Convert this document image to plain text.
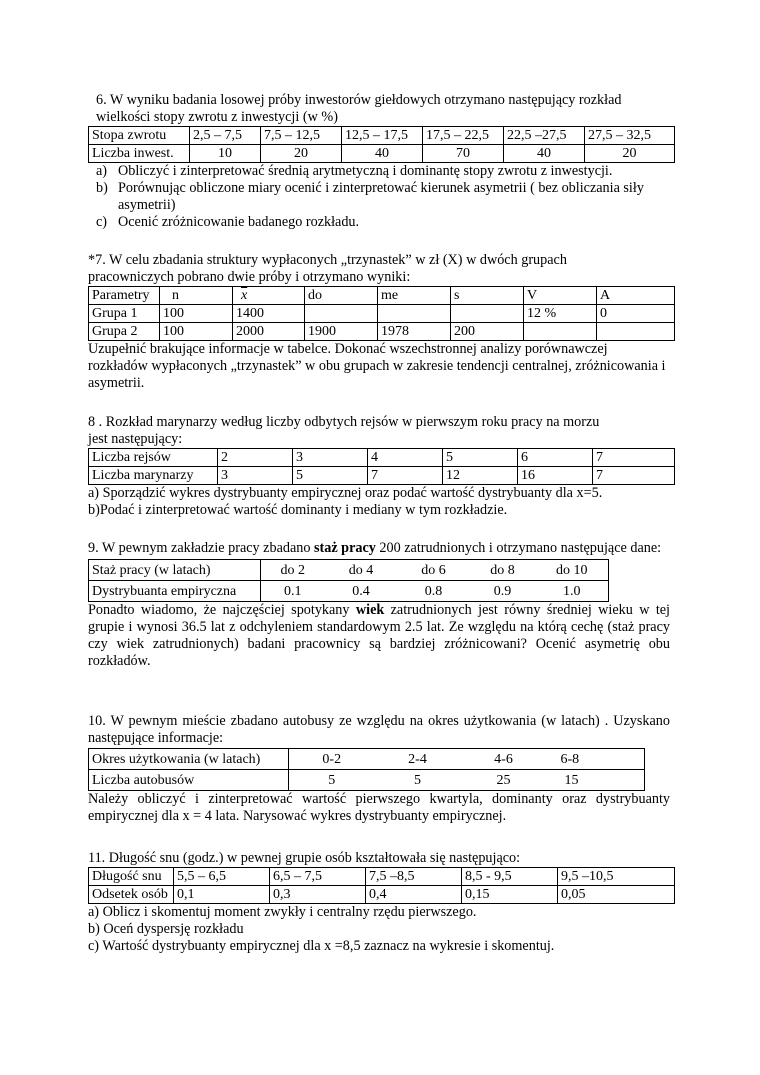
6. W wyniku badania losowej próby inwestorów giełdowych otrzymano następujący rozkład

wielkości stopy zwrotu z inwestycji (w %)

Stopa zwrotu	2,5 – 7,5	7,5 – 12,5	12,5 – 17,5	17,5 – 22,5	22,5 –27,5	27,5 – 32,5
Liczba inwest.	10	20	40	70	40	20
a) Obliczyć i zinterpretować średnią arytmetyczną i dominantę stopy zwrotu z inwestycji.
b) Porównując obliczone miary ocenić i zinterpretować kierunek asymetrii ( bez obliczania siły asymetrii)
c) Ocenić zróżnicowanie badanego rozkładu.

*7. W celu zbadania struktury wypłaconych „trzynastek” w zł (X) w dwóch grupach

pracowniczych pobrano dwie próby i otrzymano wyniki:

Parametry	n	$\overline{x}$	do	me	s	V	A
Grupa 1	100	1400				12 %	0
Grupa 2	100	2000	1900	1978	200		

Uzupełnić brakujące informacje w tabelce. Dokonać wszechstronnej analizy porównawczej rozkładów wypłaconych „trzynastek” w obu grupach w zakresie tendencji centralnej, zróżnicowania i asymetrii.

8 . Rozkład marynarzy według liczby odbytych rejsów w pierwszym roku pracy na morzu

jest następujący:

Liczba rejsów	2	3	4	5	6	7
Liczba marynarzy	3	5	7	12	16	7

a) Sporządzić wykres dystrybuanty empirycznej oraz podać wartość dystrybuanty dla x=5.

b)Podać i zinterpretować wartość dominanty i mediany w tym rozkładzie.

9. W pewnym zakładzie pracy zbadano staż pracy 200 zatrudnionych i otrzymano następujące dane:

Staż pracy (w latach)	do 2	do 4	do 6	do 8	do 10
Dystrybuanta empiryczna	0.1	0.4	0.8	0.9	1.0

Ponadto wiadomo, że najczęściej spotykany wiek zatrudnionych jest równy średniej wieku w tej grupie i wynosi 36.5 lat z odchyleniem standardowym 2.5 lat. Ze względu na którą cechę (staż pracy czy wiek zatrudnionych) badani pracownicy są bardziej zróżnicowani? Ocenić asymetrię obu rozkładów.

10. W pewnym mieście zbadano autobusy ze względu na okres użytkowania (w latach) . Uzyskano następujące informacje:

Okres użytkowania (w latach)	0-2	2-4	4-6	6-8
Liczba autobusów	5	5	25	15

Należy obliczyć i zinterpretować wartość pierwszego kwartyla, dominanty oraz dystrybuanty empirycznej dla x = 4 lata. Narysować wykres dystrybuanty empirycznej.

11. Długość snu (godz.) w pewnej grupie osób kształtowała się następująco:

Długość snu	5,5 – 6,5	6,5 – 7,5	7,5 –8,5	8,5 - 9,5	9,5 –10,5
Odsetek osób	0,1	0,3	0,4	0,15	0,05

a) Oblicz i skomentuj moment zwykły i centralny rzędu pierwszego.

b) Oceń dyspersję rozkładu

c) Wartość dystrybuanty empirycznej dla x =8,5 zaznacz na wykresie i skomentuj.
